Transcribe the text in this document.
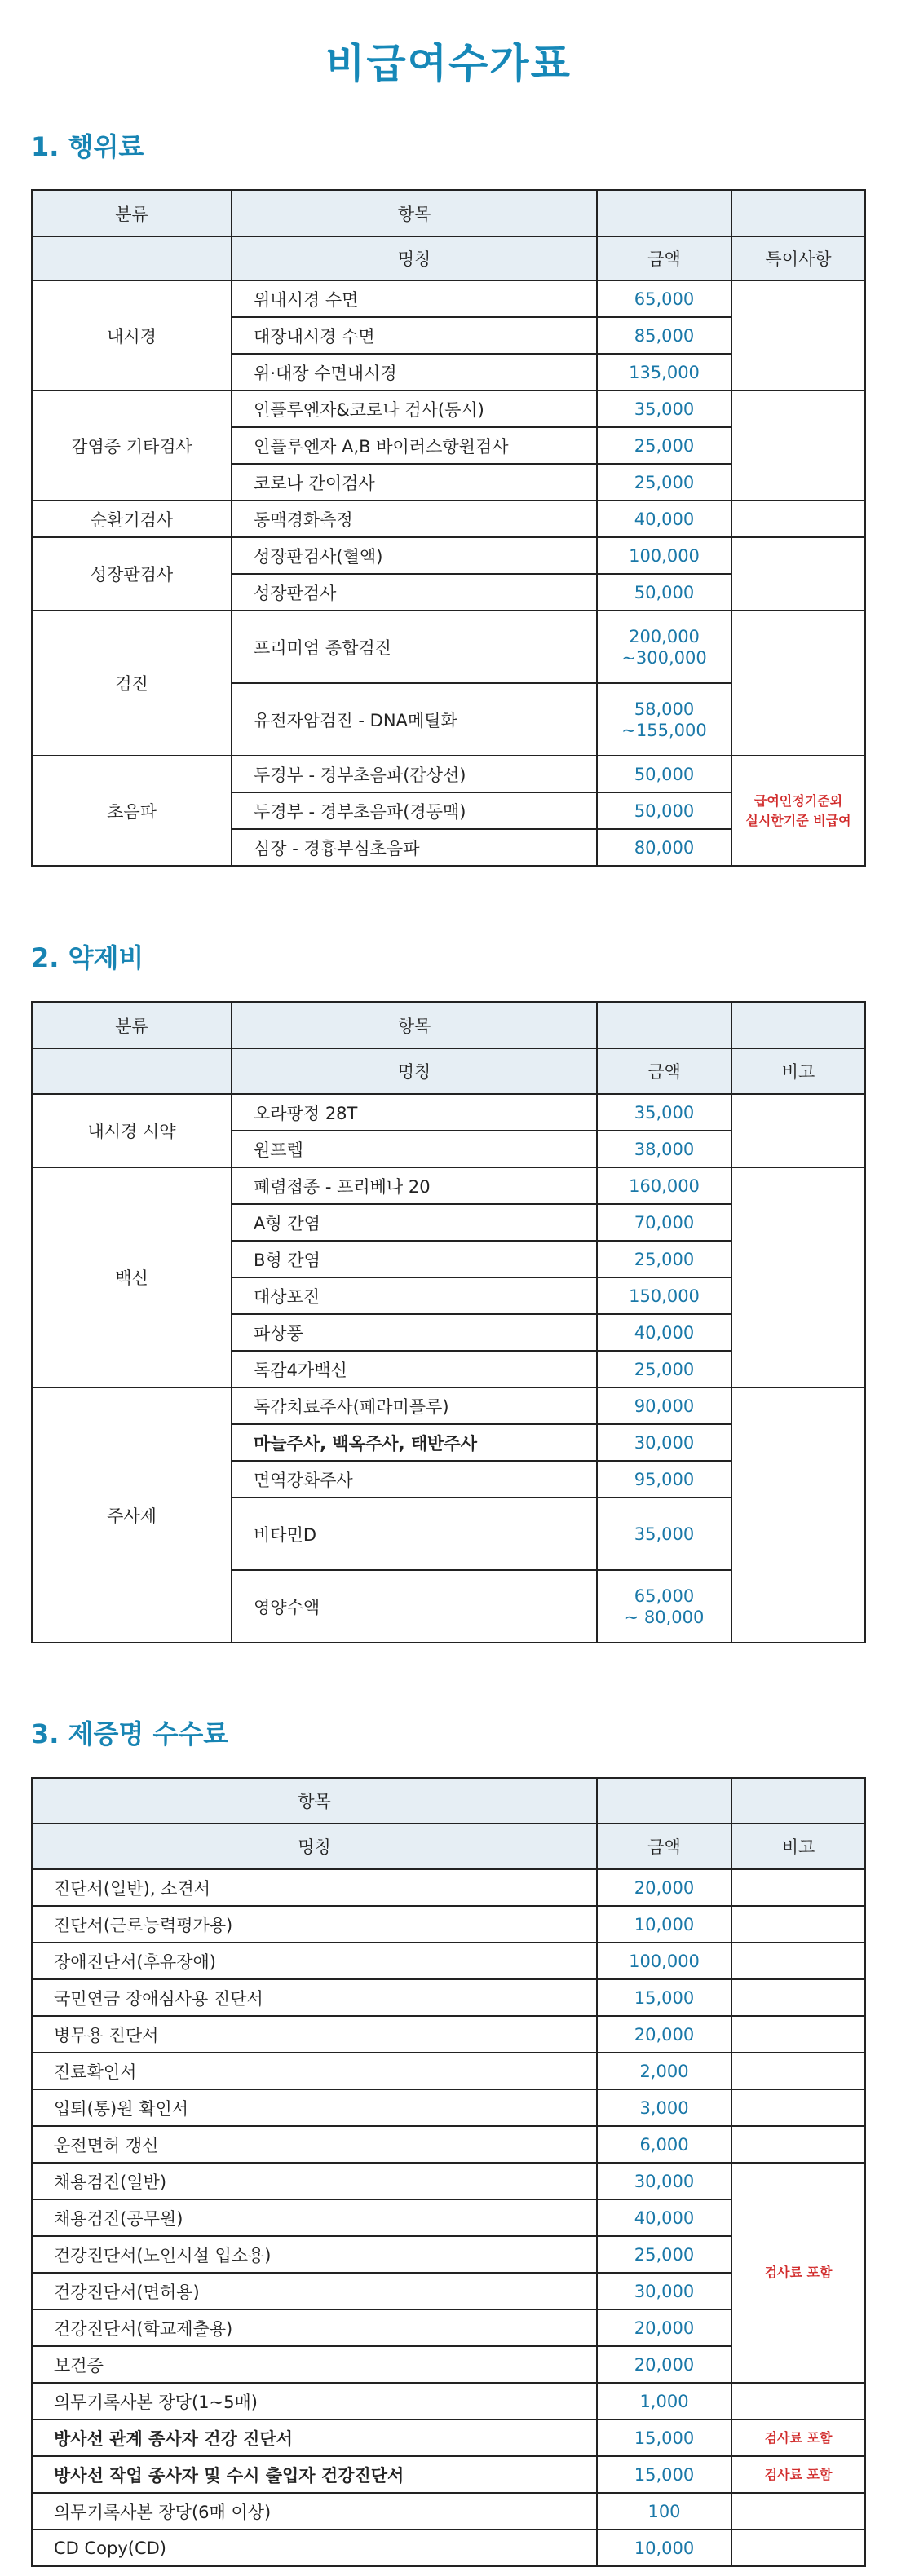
비급여수가표
1. 행위료
분류	항목		
	명칭	금액	특이사항
내시경	위내시경 수면	65,000	
	대장내시경 수면	85,000	
	위·대장 수면내시경	135,000	
감염증 기타검사	인플루엔자&코로나 검사(동시)	35,000	
	인플루엔자 A,B 바이러스항원검사	25,000	
	코로나 간이검사	25,000	
순환기검사	동맥경화측정	40,000	
성장판검사	성장판검사(혈액)	100,000	
	성장판검사	50,000	
검진	프리미엄 종합검진	200,000
~300,000	

	유전자암검진 - DNA메틸화	58,000
~155,000	

초음파	두경부 - 경부초음파(갑상선)	50,000	급여인정기준외
실시한기준 비급여

	두경부 - 경부초음파(경동맥)	50,000	
	심장 - 경흉부심초음파	80,000	
2. 약제비
분류	항목		
	명칭	금액	비고
내시경 시약	오라팡정 28T	35,000	
	원프렙	38,000	
백신	폐렴접종 - 프리베나 20	160,000	
	A형 간염	70,000	
	B형 간염	25,000	
	대상포진	150,000	
	파상풍	40,000	
	독감4가백신	25,000	
주사제	독감치료주사(페라미플루)	90,000	
	마늘주사, 백옥주사, 태반주사	30,000	
	면역강화주사	95,000	
	비타민D	35,000	
	영양수액	65,000
~ 80,000	
3. 제증명 수수료
항목		
명칭	금액	비고
진단서(일반), 소견서	20,000	
진단서(근로능력평가용)	10,000	
장애진단서(후유장애)	100,000	
국민연금 장애심사용 진단서	15,000	
병무용 진단서	20,000	
진료확인서	2,000	
입퇴(통)원 확인서	3,000	
운전면허 갱신	6,000	
채용검진(일반)	30,000	검사료 포함
채용검진(공무원)	40,000	
건강진단서(노인시설 입소용)	25,000	
건강진단서(면허용)	30,000	
건강진단서(학교제출용)	20,000	
보건증	20,000	
의무기록사본 장당(1~5매)	1,000	
방사선 관계 종사자 건강 진단서	15,000	검사료 포함
방사선 작업 종사자 및 수시 출입자 건강진단서	15,000	검사료 포함
의무기록사본 장당(6매 이상)	100	
CD Copy(CD)	10,000	
